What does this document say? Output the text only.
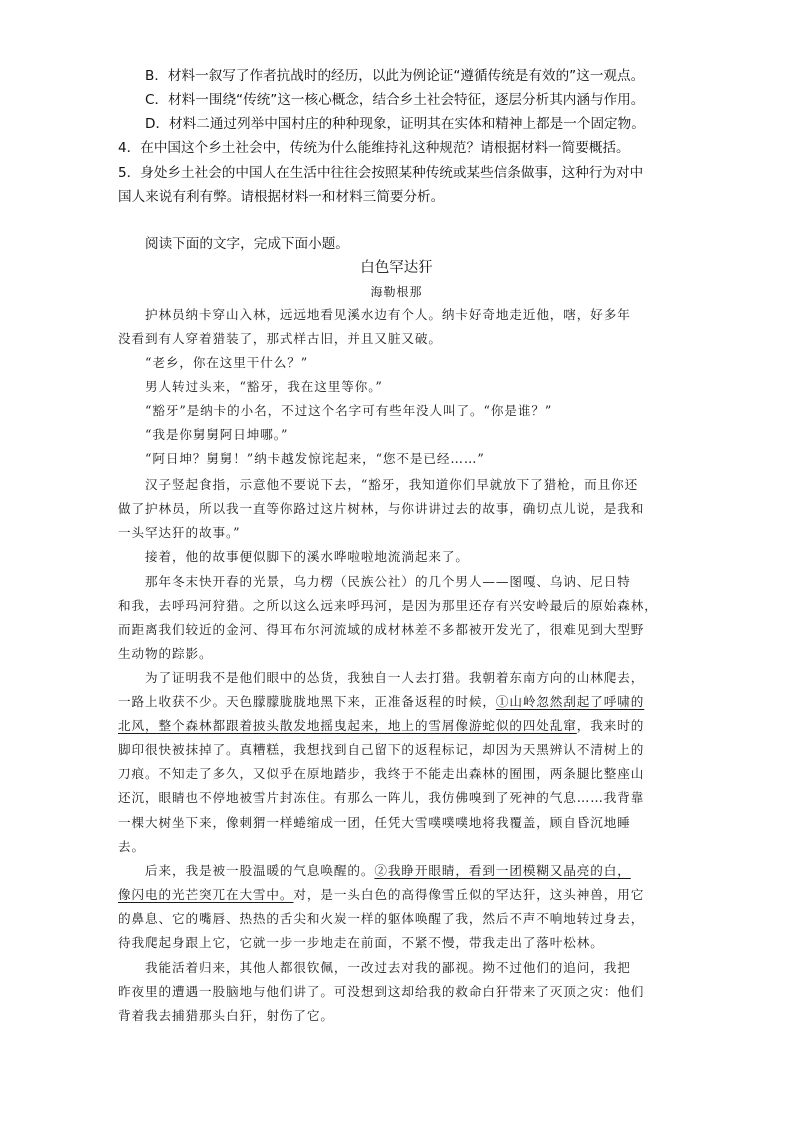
B．材料一叙写了作者抗战时的经历，以此为例论证“遵循传统是有效的”这一观点。
C．材料一围绕“传统”这一核心概念，结合乡土社会特征，逐层分析其内涵与作用。
D．材料二通过列举中国村庄的种种现象，证明其在实体和精神上都是一个固定物。
4．在中国这个乡土社会中，传统为什么能维持礼这种规范？请根据材料一简要概括。
5．身处乡土社会的中国人在生活中往往会按照某种传统或某些信条做事，这种行为对中
国人来说有利有弊。请根据材料一和材料三简要分析。
阅读下面的文字，完成下面小题。
白色罕达犴
海勒根那
护林员纳卡穿山入林，远远地看见溪水边有个人。纳卡好奇地走近他，嗐，好多年
没看到有人穿着猎装了，那式样古旧，并且又脏又破。
“老乡，你在这里干什么？”
男人转过头来，“豁牙，我在这里等你。”
“豁牙”是纳卡的小名，不过这个名字可有些年没人叫了。“你是谁？”
“我是你舅舅阿日坤哪。”
“阿日坤？舅舅！”纳卡越发惊诧起来，“您不是已经……”
汉子竖起食指，示意他不要说下去，“豁牙，我知道你们早就放下了猎枪，而且你还
做了护林员，所以我一直等你路过这片树林，与你讲讲过去的故事，确切点儿说，是我和
一头罕达犴的故事。”
接着，他的故事便似脚下的溪水哗啦啦地流淌起来了。
那年冬末快开春的光景，乌力楞（民族公社）的几个男人——图嘎、乌讷、尼日特
和我，去呼玛河狩猎。之所以这么远来呼玛河，是因为那里还存有兴安岭最后的原始森林，
而距离我们较近的金河、得耳布尔河流域的成材林差不多都被开发光了，很难见到大型野
生动物的踪影。
为了证明我不是他们眼中的怂货，我独自一人去打猎。我朝着东南方向的山林爬去，
一路上收获不少。天色朦朦胧胧地黑下来，正准备返程的时候，①山岭忽然刮起了呼啸的
北风，整个森林都跟着披头散发地摇曳起来，地上的雪屑像游蛇似的四处乱窜，我来时的
脚印很快被抹掉了。真糟糕，我想找到自己留下的返程标记，却因为天黑辨认不清树上的
刀痕。不知走了多久，又似乎在原地踏步，我终于不能走出森林的囿围，两条腿比整座山
还沉，眼睛也不停地被雪片封冻住。有那么一阵儿，我仿佛嗅到了死神的气息……我背靠
一棵大树坐下来，像刺猬一样蜷缩成一团，任凭大雪噗噗噗地将我覆盖，顾自昏沉地睡
去。
后来，我是被一股温暖的气息唤醒的。②我睁开眼睛，看到一团模糊又晶亮的白，
像闪电的光芒突兀在大雪中。对，是一头白色的高得像雪丘似的罕达犴，这头神兽，用它
的鼻息、它的嘴唇、热热的舌尖和火炭一样的躯体唤醒了我，然后不声不响地转过身去，
待我爬起身跟上它，它就一步一步地走在前面，不紧不慢，带我走出了落叶松林。
我能活着归来，其他人都很钦佩，一改过去对我的鄙视。拗不过他们的追问，我把
昨夜里的遭遇一股脑地与他们讲了。可没想到这却给我的救命白犴带来了灭顶之灾：他们
背着我去捕猎那头白犴，射伤了它。
